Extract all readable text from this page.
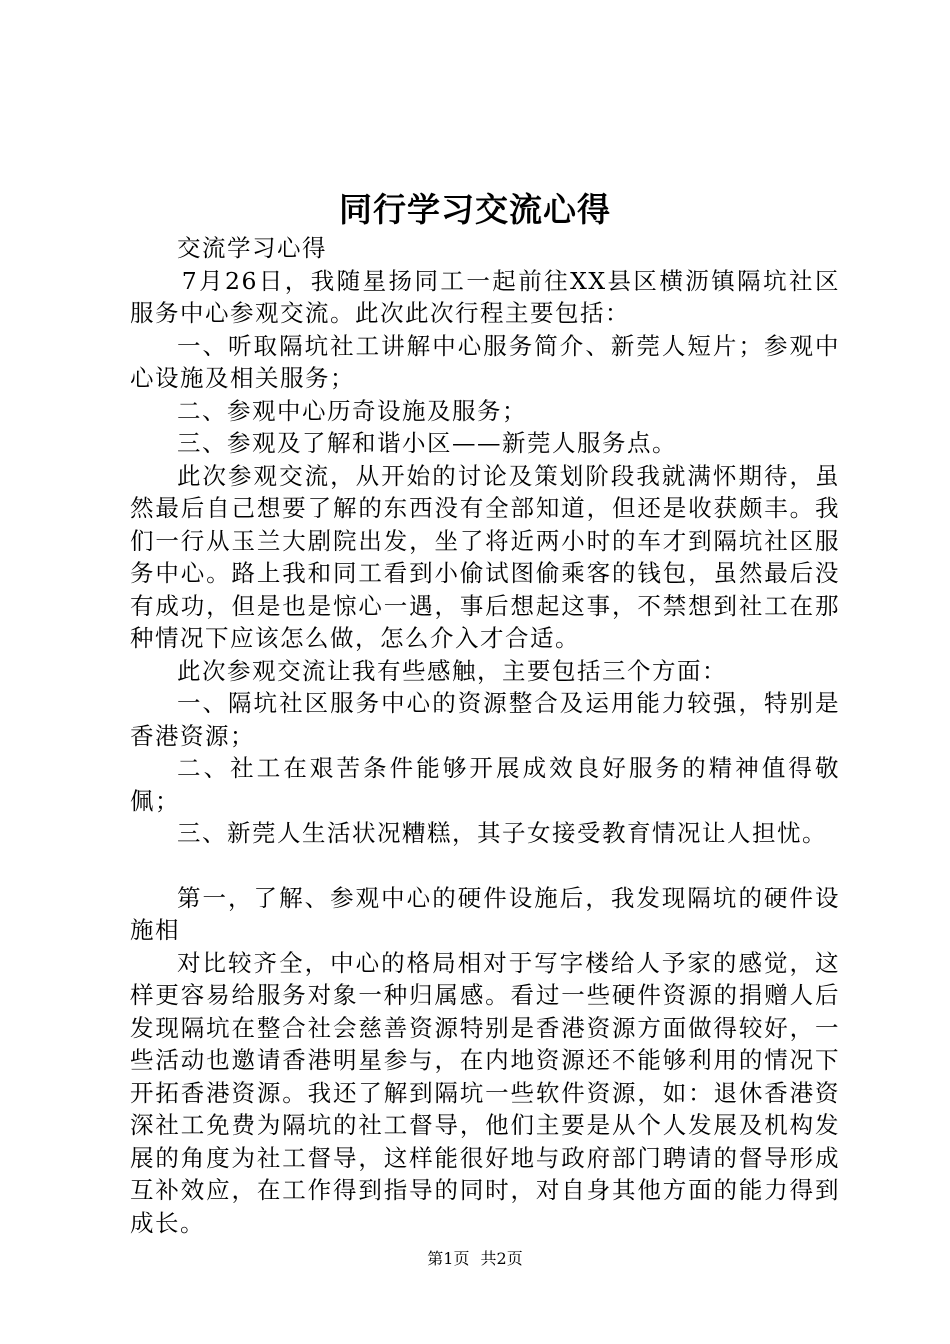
同行学习交流心得

交流学习心得

7月26日，我随星扬同工一起前往XX县区横沥镇隔坑社区服务中心参观交流。此次此次行程主要包括：

一、听取隔坑社工讲解中心服务简介、新莞人短片；参观中心设施及相关服务；

二、参观中心历奇设施及服务；

三、参观及了解和谐小区——新莞人服务点。

此次参观交流，从开始的讨论及策划阶段我就满怀期待，虽然最后自己想要了解的东西没有全部知道，但还是收获颇丰。我们一行从玉兰大剧院出发，坐了将近两小时的车才到隔坑社区服务中心。路上我和同工看到小偷试图偷乘客的钱包，虽然最后没有成功，但是也是惊心一遇，事后想起这事，不禁想到社工在那种情况下应该怎么做，怎么介入才合适。

此次参观交流让我有些感触，主要包括三个方面：

一、隔坑社区服务中心的资源整合及运用能力较强，特别是香港资源；

二、社工在艰苦条件能够开展成效良好服务的精神值得敬佩；

三、新莞人生活状况糟糕，其子女接受教育情况让人担忧。

第一，了解、参观中心的硬件设施后，我发现隔坑的硬件设施相

对比较齐全，中心的格局相对于写字楼给人予家的感觉，这样更容易给服务对象一种归属感。看过一些硬件资源的捐赠人后发现隔坑在整合社会慈善资源特别是香港资源方面做得较好，一些活动也邀请香港明星参与，在内地资源还不能够利用的情况下开拓香港资源。我还了解到隔坑一些软件资源，如：退休香港资深社工免费为隔坑的社工督导，他们主要是从个人发展及机构发展的角度为社工督导，这样能很好地与政府部门聘请的督导形成互补效应，在工作得到指导的同时，对自身其他方面的能力得到成长。

第1页 共2页
